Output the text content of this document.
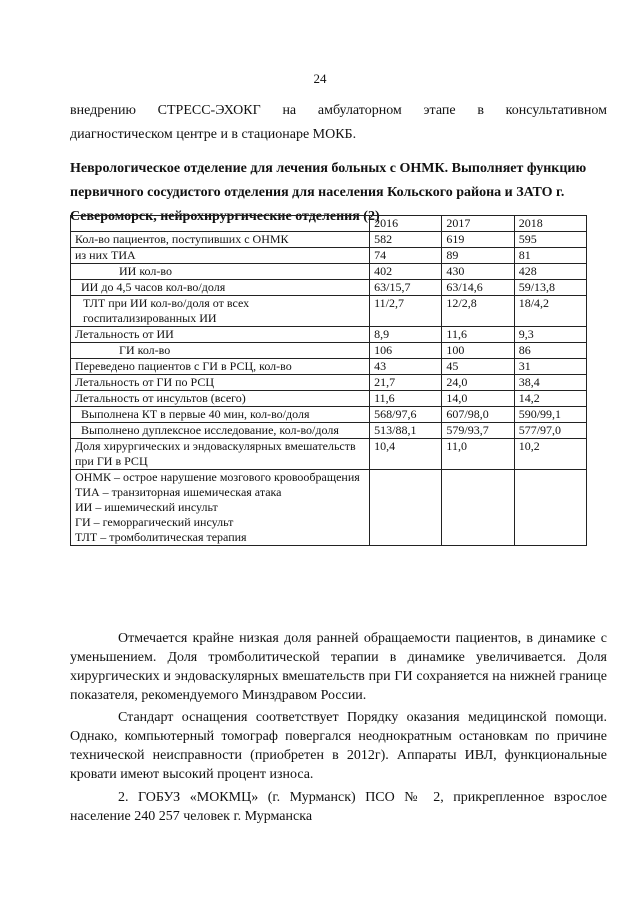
24
внедрению СТРЕСС-ЭХОКГ на амбулаторном этапе в консультативном
диагностическом центре и в стационаре МОКБ.
Неврологическое отделение для лечения больных с ОНМК. Выполняет функцию первичного сосудистого отделения для населения Кольского района и ЗАТО г. Североморск, нейрохирургические отделения (2)
	2016	2017	2018
Кол-во пациентов, поступивших с ОНМК	582	619	595
из них ТИА	74	89	81
ИИ кол-во	402	430	428
ИИ до 4,5 часов кол-во/доля	63/15,7	63/14,6	59/13,8
ТЛТ при ИИ кол-во/доля от всех госпитализированных ИИ	11/2,7	12/2,8	18/4,2
Летальность от ИИ	8,9	11,6	9,3
ГИ кол-во	106	100	86
Переведено пациентов с ГИ в РСЦ, кол-во	43	45	31
Летальность от ГИ по РСЦ	21,7	24,0	38,4
Летальность от инсультов (всего)	11,6	14,0	14,2
Выполнена КТ в первые 40 мин, кол-во/доля	568/97,6	607/98,0	590/99,1
Выполнено дуплексное исследование, кол-во/доля	513/88,1	579/93,7	577/97,0
Доля хирургических и эндоваскулярных вмешательств при ГИ в РСЦ	10,4	11,0	10,2

ОНМК – острое нарушение мозгового кровообращения
ТИА – транзиторная ишемическая атака
ИИ – ишемический инсульт
ГИ – геморрагический инсульт
ТЛТ – тромболитическая терапия			

Отмечается крайне низкая доля ранней обращаемости пациентов, в динамике с уменьшением. Доля тромболитической терапии в динамике увеличивается. Доля хирургических и эндоваскулярных вмешательств при ГИ сохраняется на нижней границе показателя, рекомендуемого Минздравом России.

Стандарт оснащения соответствует Порядку оказания медицинской помощи. Однако, компьютерный томограф повергался неоднократным остановкам по причине технической неисправности (приобретен в 2012г). Аппараты ИВЛ, функциональные кровати имеют высокий процент износа.

2. ГОБУЗ «МОКМЦ» (г. Мурманск) ПСО № 2, прикрепленное взрослое население 240 257 человек г. Мурманска
